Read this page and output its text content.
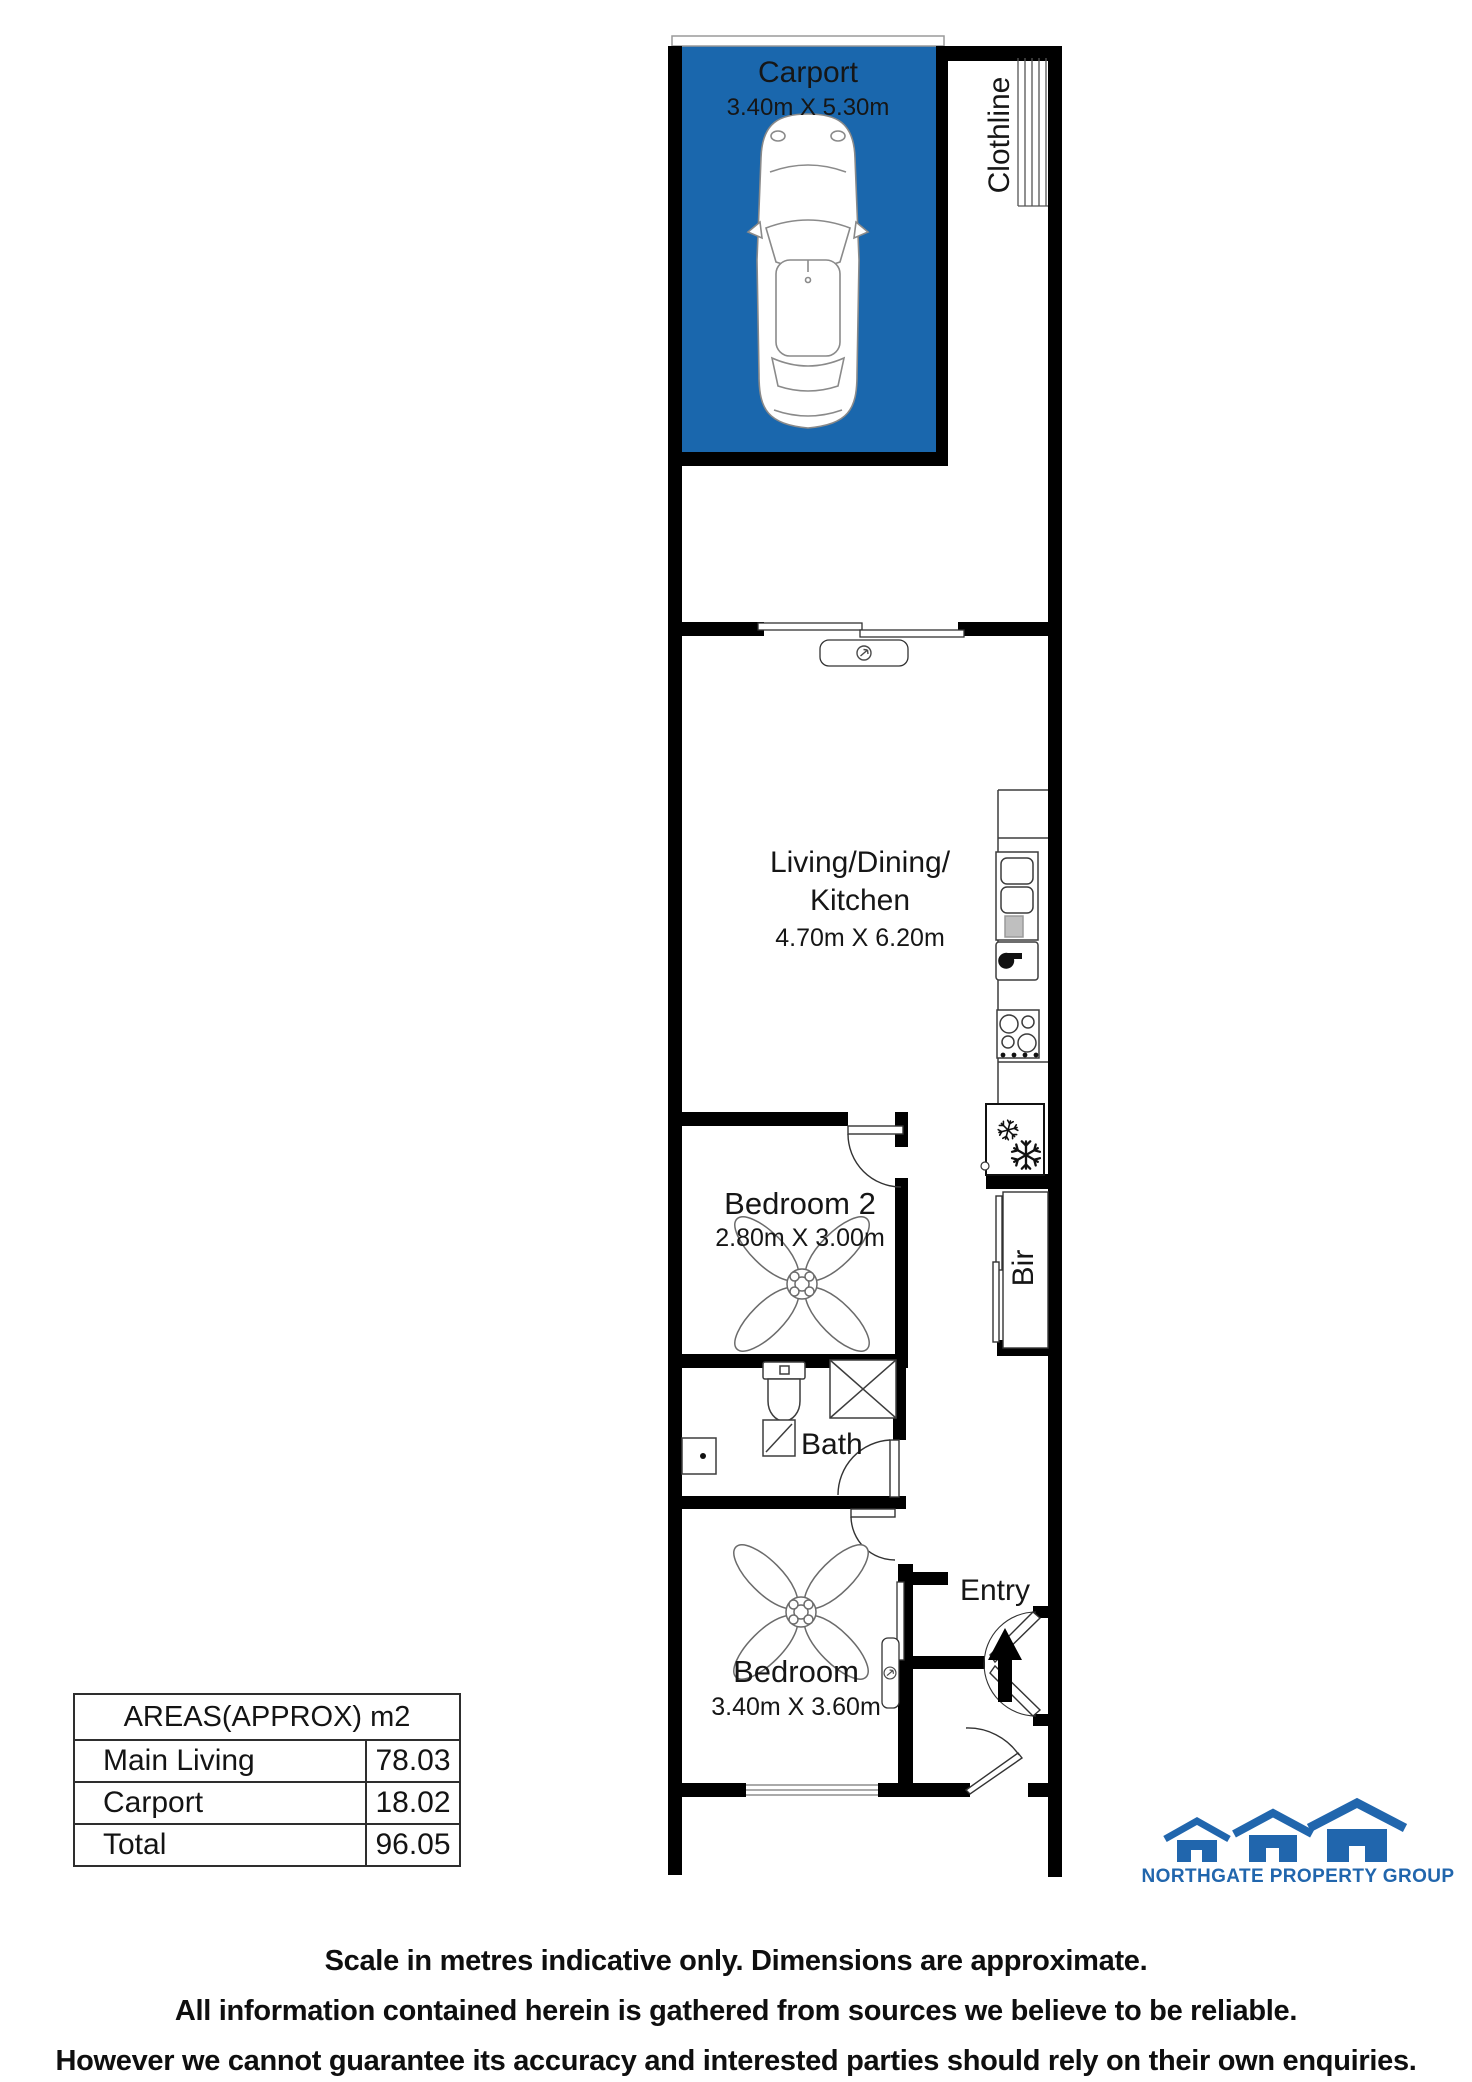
Carport
3.40m X 5.30m	Clothline
Living/Dining/
Kitchen
4.70m X 6.20m
Bedroom 2
2.80m X 3.00m
Bir
Bath
Entry
Bedroom
3.40m X 3.60m
AREAS(APPROX) m2
Main Living	78.03
Carport	18.02
Total	96.05
NORTHGATE PROPERTY GROUP
Scale in metres indicative only. Dimensions are approximate.
All information contained herein is gathered from sources we believe to be reliable.
However we cannot guarantee its accuracy and interested parties should rely on their own enquiries.
